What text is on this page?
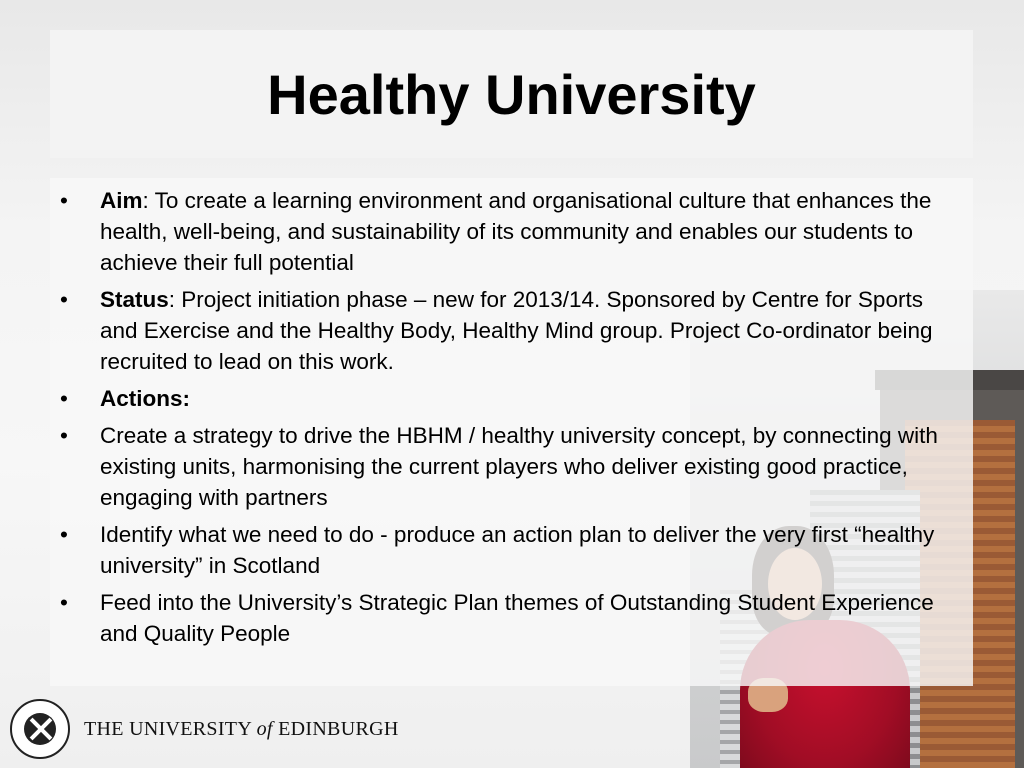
Healthy University
•	Aim: To create a learning environment and organisational culture that enhances the health, well-being, and sustainability of its community and enables our students to achieve their full potential
•	Status: Project initiation phase – new for 2013/14. Sponsored by Centre for Sports and Exercise and the Healthy Body, Healthy Mind group. Project Co-ordinator being recruited to lead on this work.
•	Actions:
•	Create a strategy to drive the HBHM / healthy university concept, by connecting with existing units, harmonising the current players who deliver existing good practice, engaging with partners
•	Identify what we need to do - produce an action plan to deliver the very first “healthy university” in Scotland
•	Feed into the University’s Strategic Plan themes of Outstanding Student Experience and Quality People
THE UNIVERSITY of EDINBURGH
